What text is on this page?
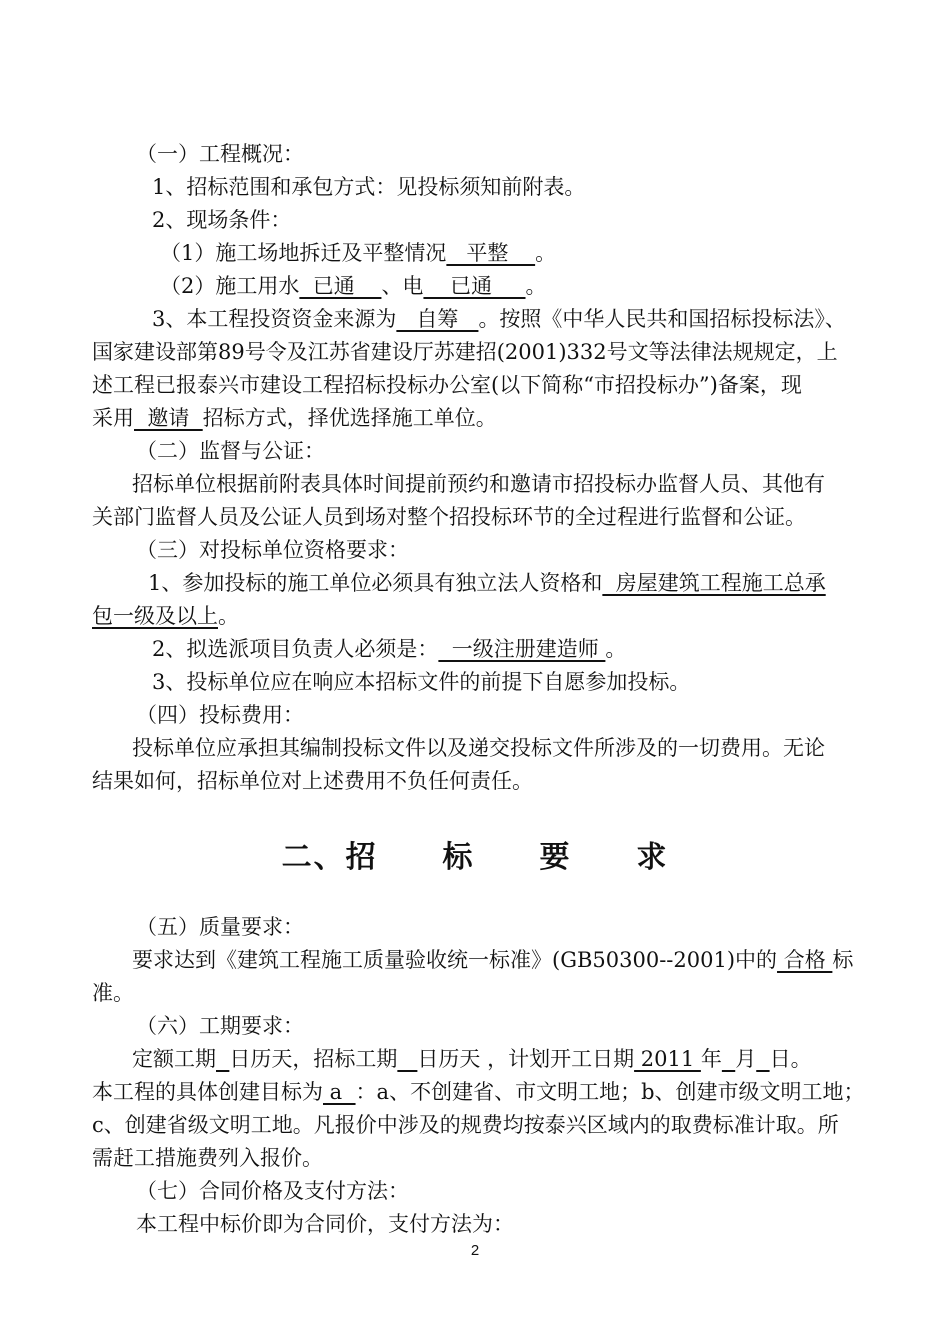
（一）工程概况：
1、招标范围和承包方式：见投标须知前附表。
2、现场条件：
（1）施工场地拆迁及平整情况   平整    。
（2）施工用水  已通    、电    已通     。
3、本工程投资资金来源为   自筹   。按照《中华人民共和国招标投标法》、
国家建设部第89号令及江苏省建设厅苏建招(2001)332号文等法律法规规定，上
述工程已报泰兴市建设工程招标投标办公室(以下简称“市招投标办”)备案，现
采用  邀请  招标方式，择优选择施工单位。
（二）监督与公证：
招标单位根据前附表具体时间提前预约和邀请市招投标办监督人员、其他有
关部门监督人员及公证人员到场对整个招投标环节的全过程进行监督和公证。
（三）对投标单位资格要求：
1、参加投标的施工单位必须具有独立法人资格和  房屋建筑工程施工总承
包一级及以上。
2、拟选派项目负责人必须是：  一级注册建造师 。
3、投标单位应在响应本招标文件的前提下自愿参加投标。
（四）投标费用：
投标单位应承担其编制投标文件以及递交投标文件所涉及的一切费用。无论
结果如何，招标单位对上述费用不负任何责任。
（五）质量要求：
要求达到《建筑工程施工质量验收统一标准》(GB50300--2001)中的 合格 标
准。
（六）工期要求：
定额工期 日历天，招标工期 日历天 ，计划开工日期 2011 年 月 日。
本工程的具体创建目标为 a  ：a、不创建省、市文明工地；b、创建市级文明工地；
c、创建省级文明工地。凡报价中涉及的规费均按泰兴区域内的取费标准计取。所
需赶工措施费列入报价。
（七）合同价格及支付方法：
本工程中标价即为合同价，支付方法为：
二、招 标 要 求
2
